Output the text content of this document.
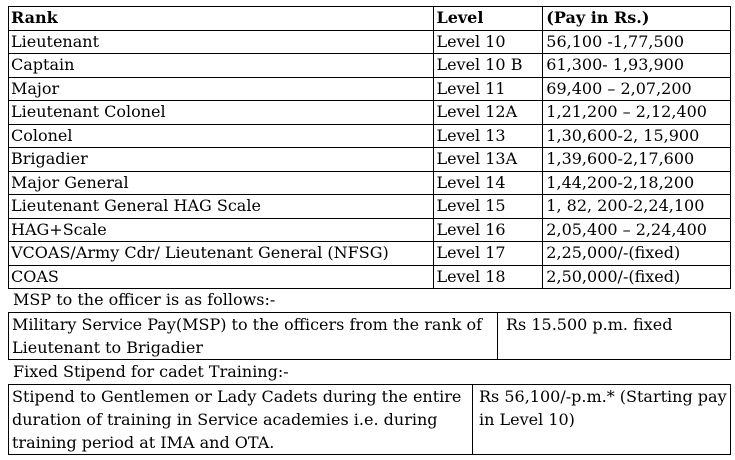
Rank	Level	(Pay in Rs.)
Lieutenant	Level 10	56,100 -1,77,500
Captain	Level 10 B	61,300- 1,93,900
Major	Level 11	69,400 – 2,07,200
Lieutenant Colonel	Level 12A	1,21,200 – 2,12,400
Colonel	Level 13	1,30,600-2, 15,900
Brigadier	Level 13A	1,39,600-2,17,600
Major General	Level 14	1,44,200-2,18,200
Lieutenant General HAG Scale	Level 15	1, 82, 200-2,24,100
HAG+Scale	Level 16	2,05,400 – 2,24,400
VCOAS/Army Cdr/ Lieutenant General (NFSG)	Level 17	2,25,000/-(fixed)
COAS	Level 18	2,50,000/-(fixed)
MSP to the officer is as follows:-
Military Service Pay(MSP) to the officers from the rank of Lieutenant to Brigadier	Rs 15.500 p.m. fixed
Fixed Stipend for cadet Training:-
Stipend to Gentlemen or Lady Cadets during the entire duration of training in Service academies i.e. during training period at IMA and OTA.	Rs 56,100/-p.m.* (Starting pay in Level 10)
